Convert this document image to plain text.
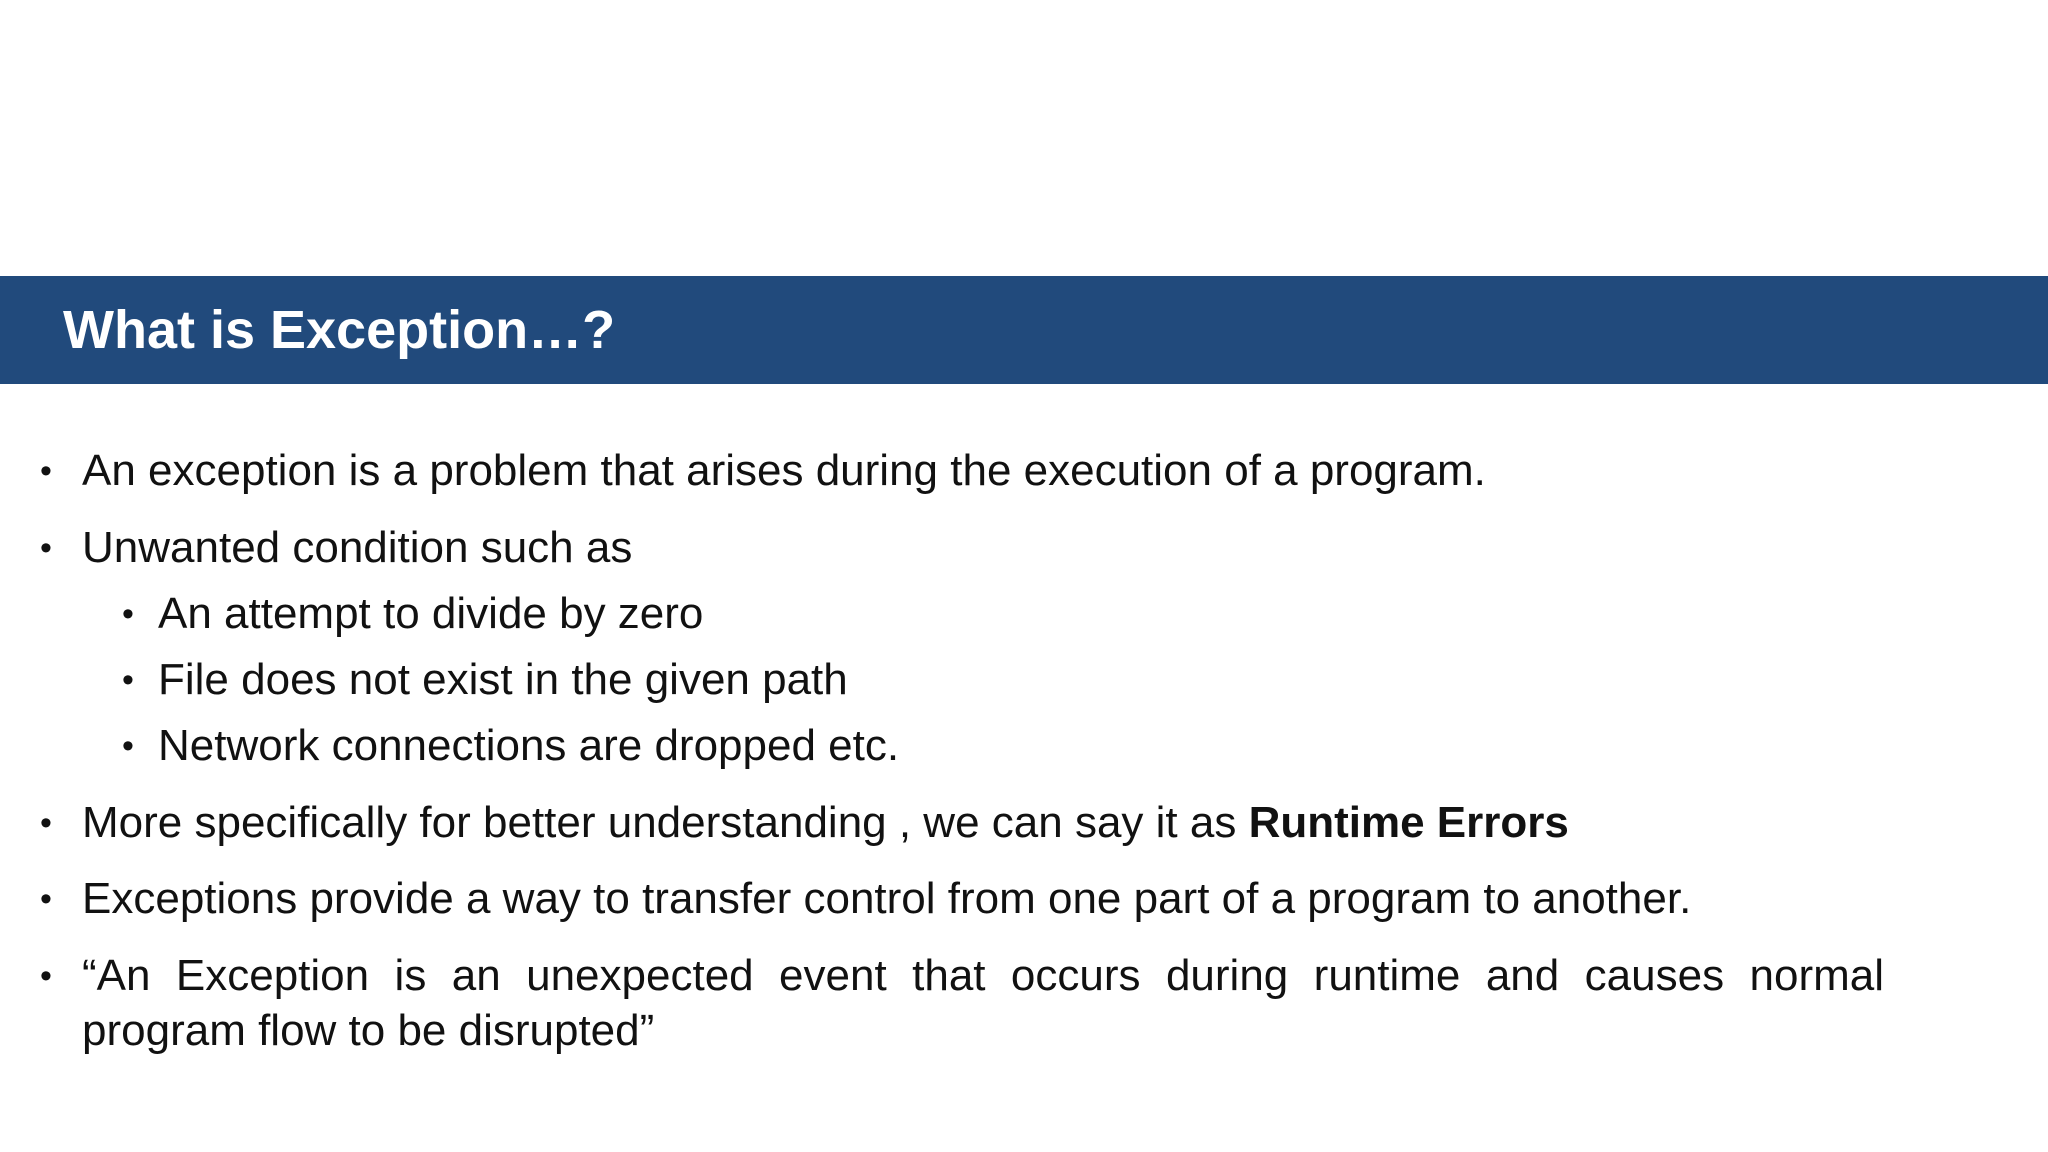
What is Exception…?
• An exception is a problem that arises during the execution of a program.
• Unwanted condition such as
• An attempt to divide by zero
• File does not exist in the given path
• Network connections are dropped etc.
• More specifically for better understanding , we can say it as Runtime Errors
• Exceptions provide a way to transfer control from one part of a program to another.
• “An Exception is an unexpected event that occurs during runtime and causes normal
program flow to be disrupted”
